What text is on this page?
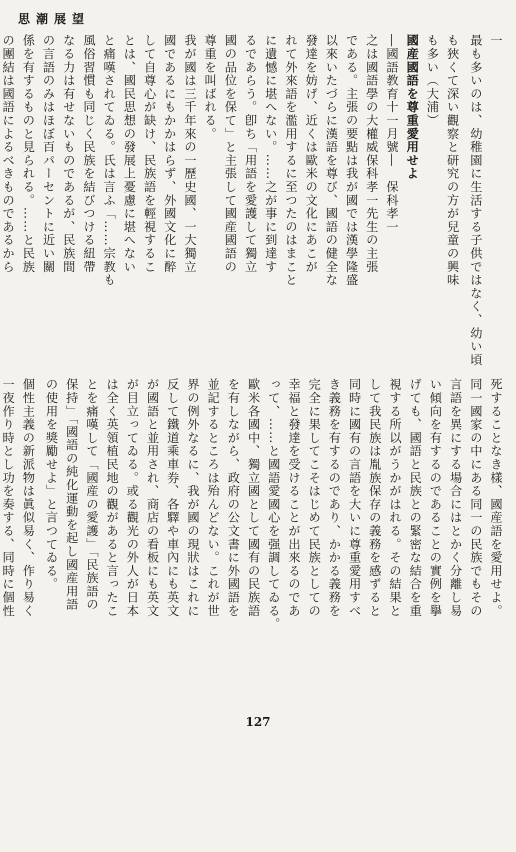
思潮展望
一
最も多いのは、幼稚園に生活する子供ではなく、幼い頃
も狹くて深い觀察と研究の方が兒童の興味
も多い（大浦）
國産國語を尊重愛用せよ
―國語教育十一月號―　保科孝一
之は國語學の大權威保科孝一先生の主張
である。主張の要點は我が國では漢學隆盛
以來いたづらに漢語を尊び、國語の健全な
發達を妨げ、近くは歐米の文化にあこが
れて外來語を濫用するに至つたのはまこと
に遺憾に堪へない。……之が事に到達す
るであらう。卽ち「用語を愛護して獨立
國の品位を保て」と主張して國産國語の
尊重を叫ばれる。
我が國は三千年來の一歷史國、一大獨立
國であるにもかかはらず、外國文化に醉
して自尊心が缺け、民族語を輕視するこ
とは、國民思想の發展上憂慮に堪へない
と痛嘆されてゐる。氏は言ふ「……宗教も
風俗習慣も同じく民族を結びつける紐帶
なる力は有せないものであるが、民族間
の言語のみはほぼ百パーセントに近い關
係を有するものと見られる。……と民族
の團結は國語によるべきものであるから
死することなき樣、國産語を愛用せよ。
同一國家の中にある同一の民族でもその
言語を異にする場合にはとかく分離し易
い傾向を有するのであることの實例を擧
げても、國語と民族との緊密な結合を重
視する所以がうかがはれる。その結果と
して我民族は胤族保存の義務を感ずると
同時に國有の言語を大いに尊重愛用すべ
き義務を有するのであり、かかる義務を
完全に果してこそはじめて民族としての
幸福と發達を受けることが出來るのであ
って、……と國語愛國心を强調してゐる。
歐米各國中、獨立國として國有の民族語
を有しながら、政府の公文書に外國語を
並記するところは殆んどない。これが世
界の例外なるに、我が國の現狀はこれに
反して鐵道乘車券、各驛や車內にも英文
が國語と並用され、商店の看板にも英文
が目立ってゐる。或る觀光の外人が日本
は全く英領植民地の觀があると言ったこ
とを痛嘆して「國産の愛護」「民族語の
保持」「國語の純化運動を起し國産用語
の使用を獎勵せよ」と言つてゐる。
個性主義の新派物は眞似易く、作り易く
一夜作り時とし功を奏する、同時に個性
127
